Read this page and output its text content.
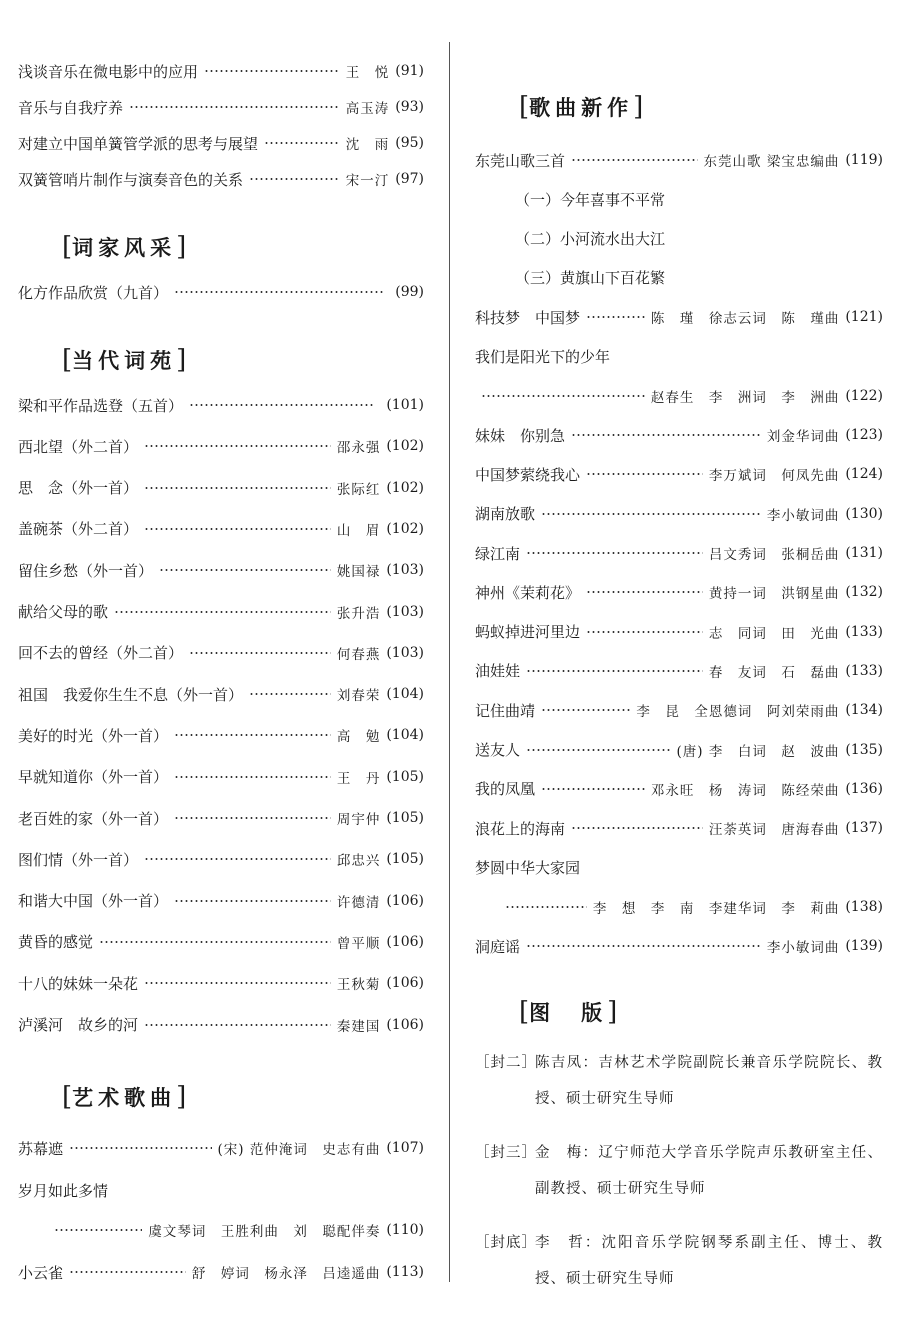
浅谈音乐在微电影中的应用	王　悦 (91)
音乐与自我疗养	高玉涛 (93)
对建立中国单簧管学派的思考与展望	沈　雨 (95)
双簧管哨片制作与演奏音色的关系	宋一汀 (97)
[词家风采]
化方作品欣赏（九首）	(99)
[当代词苑]
梁和平作品选登（五首）	(101)
西北望（外二首）	邵永强 (102)
思　念（外一首）	张际红 (102)
盖碗茶（外二首）	山　眉 (102)
留住乡愁（外一首）	姚国禄 (103)
献给父母的歌	张升浩 (103)
回不去的曾经（外二首）	何春燕 (103)
祖国　我爱你生生不息（外一首）	刘春荣 (104)
美好的时光（外一首）	高　勉 (104)
早就知道你（外一首）	王　丹 (105)
老百姓的家（外一首）	周宇仲 (105)
图们情（外一首）	邱忠兴 (105)
和谐大中国（外一首）	许德清 (106)
黄昏的感觉	曾平顺 (106)
十八的妹妹一朵花	王秋菊 (106)
泸溪河　故乡的河	秦建国 (106)
[艺术歌曲]
苏幕遮	(宋) 范仲淹词　史志有曲 (107)
岁月如此多情
虞文琴词　王胜利曲　刘　聪配伴奏 (110)
小云雀	舒　婷词　杨永泽　吕逵遥曲 (113)
[歌曲新作]
东莞山歌三首	东莞山歌 梁宝忠编曲 (119)
（一）今年喜事不平常
（二）小河流水出大江
（三）黄旗山下百花繁
科技梦　中国梦	陈　瑾　徐志云词　陈　瑾曲 (121)
我们是阳光下的少年
赵春生　李　洲词　李　洲曲 (122)
妹妹　你别急	刘金华词曲 (123)
中国梦萦绕我心	李万斌词　何凤先曲 (124)
湖南放歌	李小敏词曲 (130)
绿江南	吕文秀词　张桐岳曲 (131)
神州《茉莉花》	黄持一词　洪钢星曲 (132)
蚂蚁掉进河里边	志　同词　田　光曲 (133)
油娃娃	春　友词　石　磊曲 (133)
记住曲靖	李　昆　全恩德词　阿刘荣雨曲 (134)
送友人	(唐) 李　白词　赵　波曲 (135)
我的凤凰	邓永旺　杨　涛词　陈经荣曲 (136)
浪花上的海南	汪荼英词　唐海春曲 (137)
梦圆中华大家园
李　想　李　南　李建华词　李　莉曲 (138)
洞庭谣	李小敏词曲 (139)
[图　版]
［封二］
陈吉凤：吉林艺术学院副院长兼音乐学院院长、教授、硕士研究生导师
［封三］
金　梅：辽宁师范大学音乐学院声乐教研室主任、副教授、硕士研究生导师
［封底］
李　哲：沈阳音乐学院钢琴系副主任、博士、教授、硕士研究生导师
